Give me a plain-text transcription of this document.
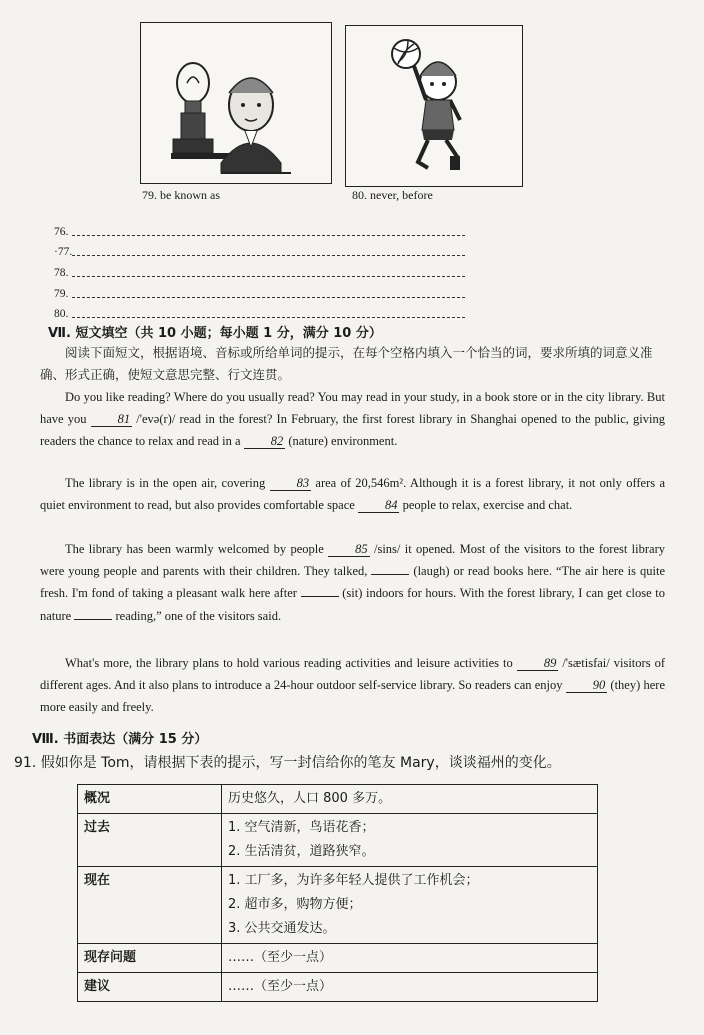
79. be known as	80. never, before
76.
·77.
78.
79.
80.
Ⅶ. 短文填空（共 10 小题；每小题 1 分，满分 10 分）
阅读下面短文，根据语境、音标或所给单词的提示，在每个空格内填入一个恰当的词，要求所填的词意义准确、形式正确，使短文意思完整、行文连贯。
Do you like reading? Where do you usually read? You may read in your study, in a book store or in the city library. But have you 81 /'evə(r)/ read in the forest? In February, the first forest library in Shanghai opened to the public, giving readers the chance to relax and read in a 82 (nature) environment.
The library is in the open air, covering 83 area of 20,546m². Although it is a forest library, it not only offers a quiet environment to read, but also provides comfortable space 84 people to relax, exercise and chat.
The library has been warmly welcomed by people 85 /sins/ it opened. Most of the visitors to the forest library were young people and parents with their children. They talked,	(laugh) or read books here. “The air here is quite fresh. I'm fond of taking a pleasant walk here after	(sit) indoors for hours. With the forest library, I can get close to nature	reading,” one of the visitors said.
What's more, the library plans to hold various reading activities and leisure activities to 89 /'sætisfai/ visitors of different ages. And it also plans to introduce a 24-hour outdoor self-service library. So readers can enjoy 90 (they) here more easily and freely.
Ⅷ. 书面表达（满分 15 分）
91. 假如你是 Tom，请根据下表的提示，写一封信给你的笔友 Mary，谈谈福州的变化。
概况	历史悠久，人口 800 多万。

过去	1. 空气清新，鸟语花香；
2. 生活清贫，道路狭窄。

现在	1. 工厂多，为许多年轻人提供了工作机会；
2. 超市多，购物方便；
3. 公共交通发达。

现存问题	……（至少一点）

建议	……（至少一点）
